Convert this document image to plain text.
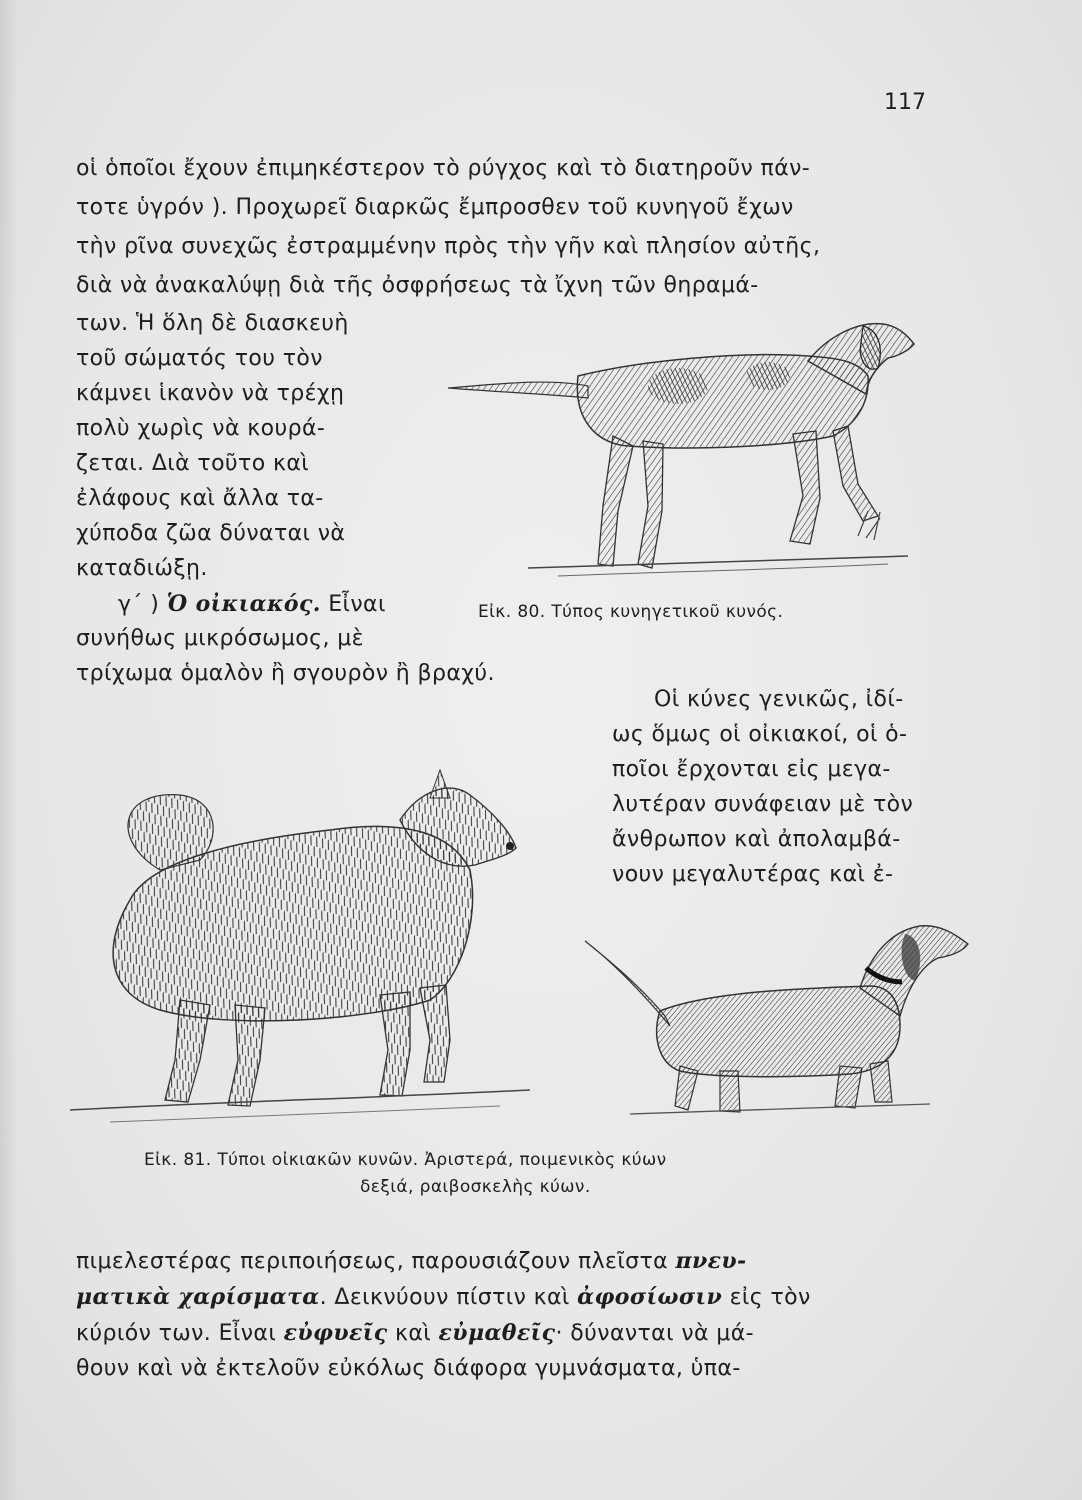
117
οἱ ὁποῖοι ἔχουν ἐπιμηκέστερον τὸ ρύγχος καὶ τὸ διατηροῦν πάν-
τοτε ὑγρόν ). Προχωρεῖ διαρκῶς ἔμπροσθεν τοῦ κυνηγοῦ ἔχων
τὴν ρῖνα συνεχῶς ἐστραμμένην πρὸς τὴν γῆν καὶ πλησίον αὐτῆς,
διὰ νὰ ἀνακαλύψῃ διὰ τῆς ὀσφρήσεως τὰ ἴχνη τῶν θηραμά-
των. Ἡ ὅλη δὲ διασκευὴ
τοῦ σώματός του τὸν
κάμνει ἱκανὸν νὰ τρέχῃ
πολὺ χωρὶς νὰ κουρά-
ζεται. Διὰ τοῦτο καὶ
ἐλάφους καὶ ἄλλα τα-
χύποδα ζῶα δύναται νὰ
καταδιώξῃ.
γ΄ ) Ὁ οἰκιακός. Εἶναι
συνήθως μικρόσωμος, μὲ
τρίχωμα ὁμαλὸν ἢ σγουρὸν ἢ βραχύ.
Εἰκ. 80. Τύπος κυνηγετικοῦ κυνός.
Οἱ κύνες γενικῶς, ἰδί-
ως ὅμως οἱ οἰκιακοί, οἱ ὁ-
ποῖοι ἔρχονται εἰς μεγα-
λυτέραν συνάφειαν μὲ τὸν
ἄνθρωπον καὶ ἀπολαμβά-
νουν μεγαλυτέρας καὶ ἐ-
Εἰκ. 81. Τύποι οἰκιακῶν κυνῶν. Ἀριστερά, ποιμενικὸς κύων
δεξιά, ραιβοσκελὴς κύων.
πιμελεστέρας περιποιήσεως, παρουσιάζουν πλεῖστα πνευ-
ματικὰ χαρίσματα. Δεικνύουν πίστιν καὶ ἀφοσίωσιν εἰς τὸν
κύριόν των. Εἶναι εὐφυεῖς καὶ εὐμαθεῖς· δύνανται νὰ μά-
θουν καὶ νὰ ἐκτελοῦν εὐκόλως διάφορα γυμνάσματα, ὑπα-
